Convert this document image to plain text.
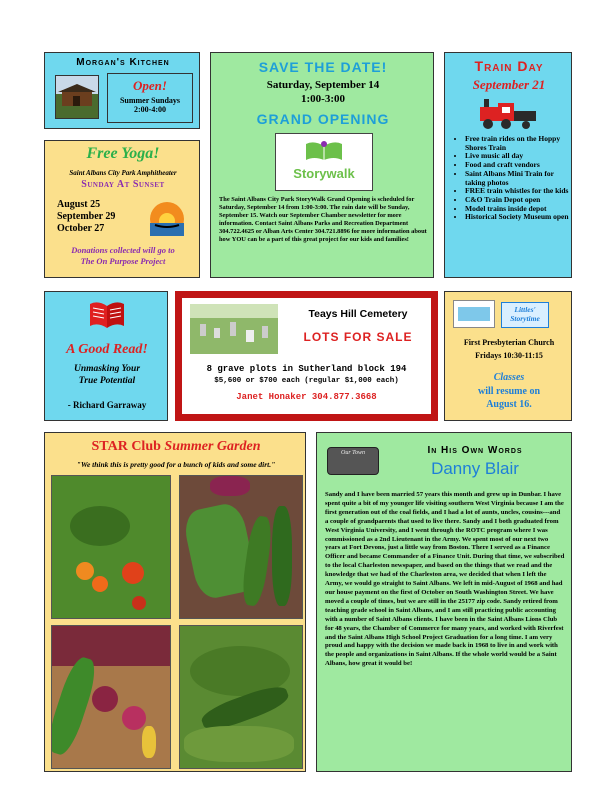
Morgan's Kitchen
Open!
Summer Sundays
2:00-4:00
Free Yoga!
Saint Albans City Park Amphitheater
Sunday At Sunset
August 25
September 29
October 27
Donations collected will go to
The On Purpose Project
SAVE THE DATE!
Saturday, September 14
1:00-3:00
GRAND OPENING
Storywalk
The Saint Albans City Park StoryWalk Grand Opening is scheduled for Saturday, September 14 from 1:00-3:00. The rain date will be Sunday, September 15. Watch our September Chamber newsletter for more information. Contact Saint Albans Parks and Recreation Department 304.722.4625 or Alban Arts Center 304.721.8896 for more information about how YOU can be a part of this great project for our kids and families!
Train Day
September 21
• Free train rides on the Hoppy Shores Train
• Live music all day
• Food and craft vendors
• Saint Albans Mini Train for taking photos
• FREE train whistles for the kids
• C&O Train Depot open
• Model trains inside depot
• Historical Society Museum open
A Good Read!
Unmasking Your
True Potential
- Richard Garraway
Teays Hill Cemetery
LOTS FOR SALE
8 grave plots in Sutherland block 194
$5,600 or $700 each (regular $1,000 each)
Janet Honaker 304.877.3668
Littles'
Storytime
First Presbyterian Church
Fridays 10:30-11:15
Classes
will resume on
August 16.
STAR Club Summer Garden
"We think this is pretty good for a bunch of kids and some dirt."
Our Town	In His Own Words
Danny Blair
Sandy and I have been married 57 years this month and grew up in Dunbar. I have spent quite a bit of my younger life visiting southern West Virginia because I am the first generation out of the coal fields, and I had a lot of aunts, uncles, cousins---and a couple of grandparents that used to live there. Sandy and I both graduated from West Virginia University, and I went through the ROTC program where I was commissioned as a 2nd Lieutenant in the Army. We spent most of our next two years at Fort Devons, just a little way from Boston. There I served as a Finance Officer and became Commander of a Finance Unit. During that time, we subscribed to the local Charleston newspaper, and based on the things that we read and the knowledge that we had of the Charleston area, we decided that when I left the Army, we would go straight to Saint Albans. We left in mid-August of 1968 and had our house payment on the first of October on South Washington Street. We have moved a couple of times, but we are still in the 25177 zip code. Sandy retired from teaching grade school in Saint Albans, and I am still practicing public accounting with a number of Saint Albans clients. I have been in the Saint Albans Lions Club for 48 years, the Chamber of Commerce for many years, and worked with Riverfest and the Saint Albans High School Project Graduation for a long time. I am very proud and happy with the decision we made back in 1968 to live in and work with the people and organizations in Saint Albans. If the whole world would be a Saint Albans, how great it would be!
